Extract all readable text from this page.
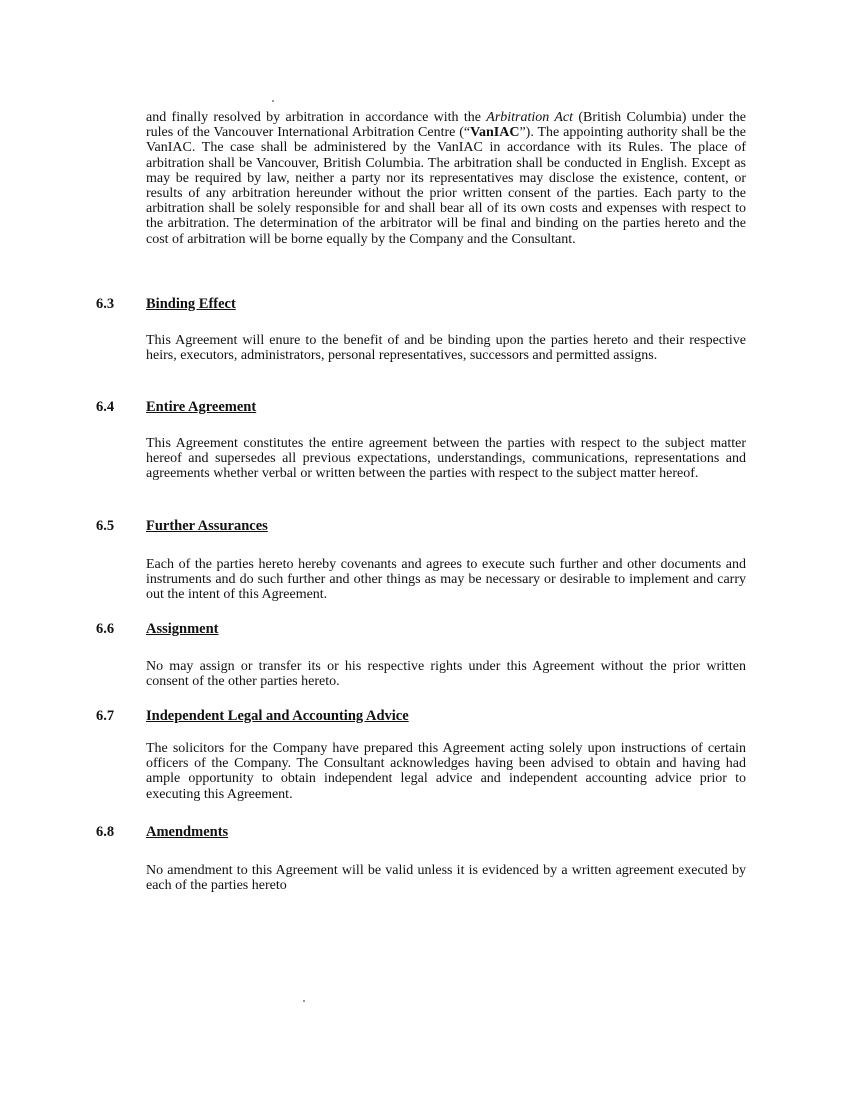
and finally resolved by arbitration in accordance with the Arbitration Act (British Columbia) under the rules of the Vancouver International Arbitration Centre (“VanIAC”). The appointing authority shall be the VanIAC. The case shall be administered by the VanIAC in accordance with its Rules. The place of arbitration shall be Vancouver, British Columbia. The arbitration shall be conducted in English. Except as may be required by law, neither a party nor its representatives may disclose the existence, content, or results of any arbitration hereunder without the prior written consent of the parties. Each party to the arbitration shall be solely responsible for and shall bear all of its own costs and expenses with respect to the arbitration. The determination of the arbitrator will be final and binding on the parties hereto and the cost of arbitration will be borne equally by the Company and the Consultant.

6.3 Binding Effect

This Agreement will enure to the benefit of and be binding upon the parties hereto and their respective heirs, executors, administrators, personal representatives, successors and permitted assigns.

6.4 Entire Agreement

This Agreement constitutes the entire agreement between the parties with respect to the subject matter hereof and supersedes all previous expectations, understandings, communications, representations and agreements whether verbal or written between the parties with respect to the subject matter hereof.

6.5 Further Assurances

Each of the parties hereto hereby covenants and agrees to execute such further and other documents and instruments and do such further and other things as may be necessary or desirable to implement and carry out the intent of this Agreement.

6.6 Assignment

No may assign or transfer its or his respective rights under this Agreement without the prior written consent of the other parties hereto.

6.7 Independent Legal and Accounting Advice

The solicitors for the Company have prepared this Agreement acting solely upon instructions of certain officers of the Company. The Consultant acknowledges having been advised to obtain and having had ample opportunity to obtain independent legal advice and independent accounting advice prior to executing this Agreement.

6.8 Amendments

No amendment to this Agreement will be valid unless it is evidenced by a written agreement executed by each of the parties hereto
